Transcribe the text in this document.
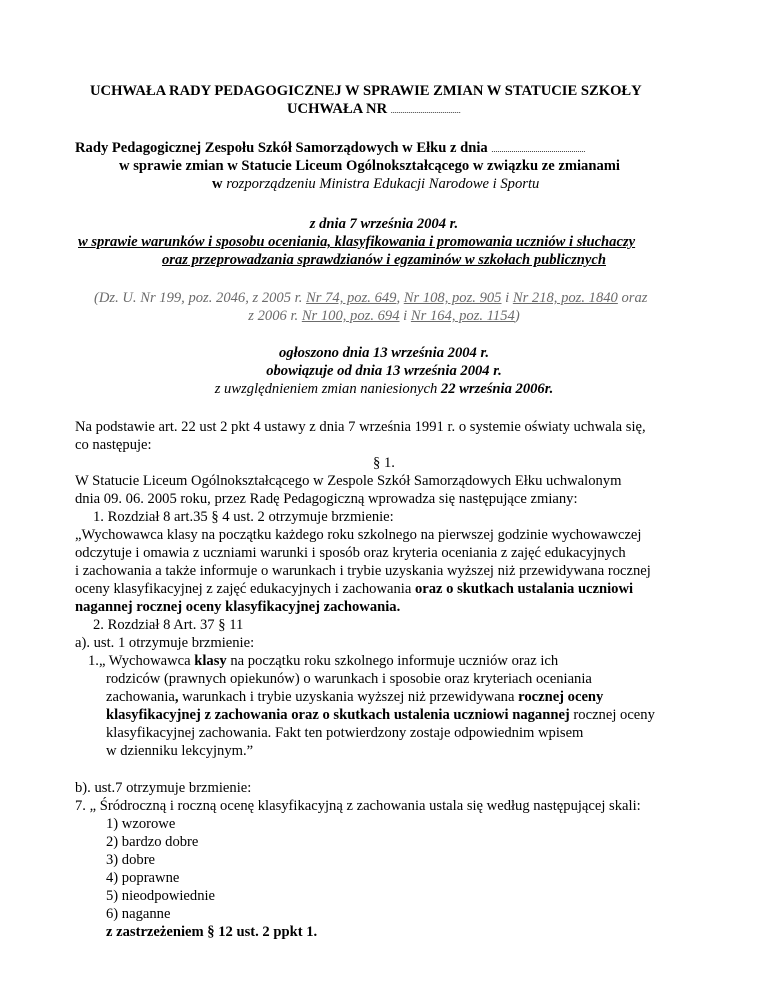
UCHWAŁA RADY PEDAGOGICZNEJ W SPRAWIE ZMIAN W STATUCIE SZKOŁY
UCHWAŁA NR ...................................
Rady Pedagogicznej Zespołu Szkół Samorządowych w Ełku z dnia ...............................................
w sprawie zmian w Statucie Liceum Ogólnokształcącego w związku ze zmianami
w rozporządzeniu Ministra Edukacji Narodowe i Sportu
z dnia 7 września 2004 r.
w sprawie warunków i sposobu oceniania, klasyfikowania i promowania uczniów i słuchaczy
oraz przeprowadzania sprawdzianów i egzaminów w szkołach publicznych
(Dz. U. Nr 199, poz. 2046, z 2005 r. Nr 74, poz. 649, Nr 108, poz. 905 i Nr 218, poz. 1840 oraz
z 2006 r. Nr 100, poz. 694 i Nr 164, poz. 1154)
ogłoszono dnia 13 września 2004 r.
obowiązuje od dnia 13 września 2004 r.
z uwzględnieniem zmian naniesionych 22 września 2006r.
Na podstawie art. 22 ust 2 pkt 4 ustawy z dnia 7 września 1991 r. o systemie oświaty uchwala się,
co następuje:
§ 1.
W Statucie Liceum Ogólnokształcącego w Zespole Szkół Samorządowych Ełku uchwalonym
dnia 09. 06. 2005 roku, przez Radę Pedagogiczną wprowadza się następujące zmiany:
1. Rozdział 8 art.35 § 4 ust. 2 otrzymuje brzmienie:
„Wychowawca klasy na początku każdego roku szkolnego na pierwszej godzinie wychowawczej
odczytuje i omawia z uczniami warunki i sposób oraz kryteria oceniania z zajęć edukacyjnych
i zachowania a także informuje o warunkach i trybie uzyskania wyższej niż przewidywana rocznej
oceny klasyfikacyjnej z zajęć edukacyjnych i zachowania oraz o skutkach ustalania uczniowi
nagannej rocznej oceny klasyfikacyjnej zachowania.
2. Rozdział 8 Art. 37 § 11
a). ust. 1 otrzymuje brzmienie:
1.„ Wychowawca klasy na początku roku szkolnego informuje uczniów oraz ich
rodziców (prawnych opiekunów) o warunkach i sposobie oraz kryteriach oceniania
zachowania, warunkach i trybie uzyskania wyższej niż przewidywana rocznej oceny
klasyfikacyjnej z zachowania oraz o skutkach ustalenia uczniowi nagannej rocznej oceny
klasyfikacyjnej zachowania. Fakt ten potwierdzony zostaje odpowiednim wpisem
w dzienniku lekcyjnym.”
b). ust.7 otrzymuje brzmienie:
7. „ Śródroczną i roczną ocenę klasyfikacyjną z zachowania ustala się według następującej skali:
1) wzorowe
2) bardzo dobre
3) dobre
4) poprawne
5) nieodpowiednie
6) naganne
z zastrzeżeniem § 12 ust. 2 ppkt 1.
